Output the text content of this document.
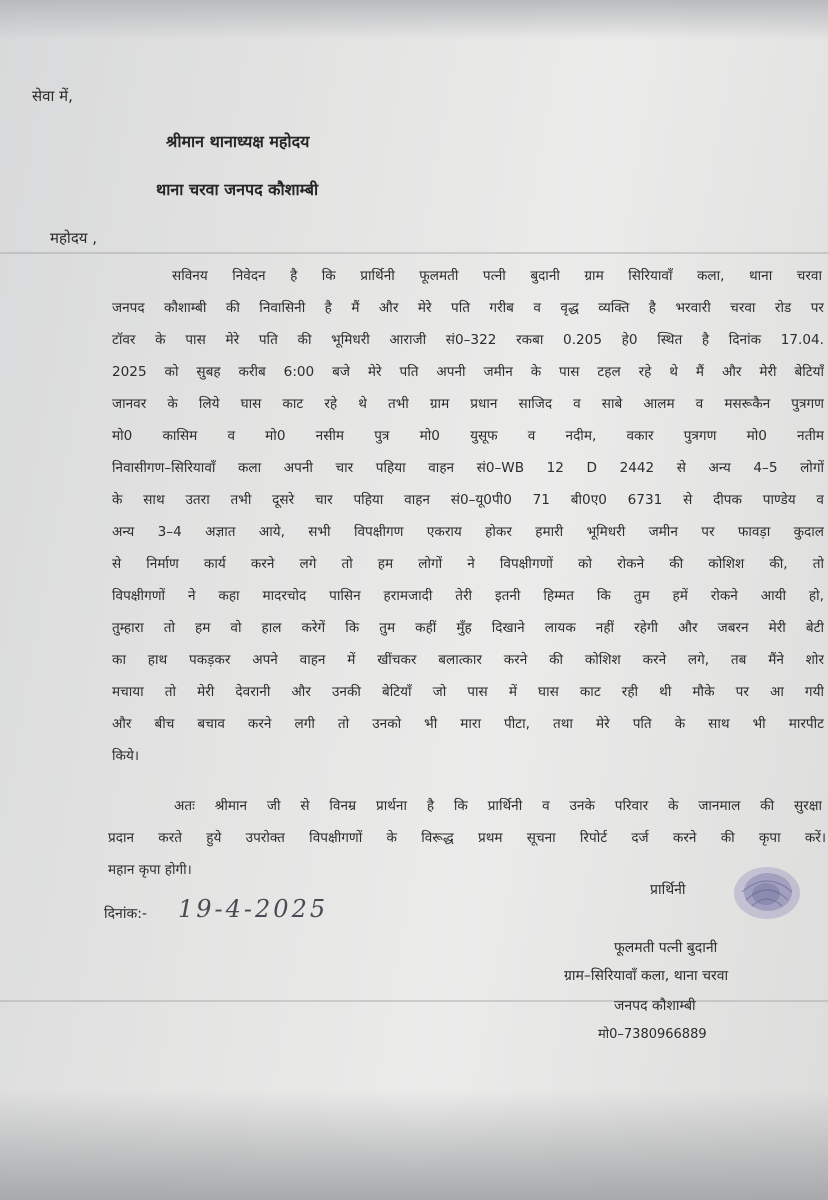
सेवा में,
श्रीमान थानाध्यक्ष महोदय
थाना चरवा जनपद कौशाम्बी
महोदय ,
सविनय निवेदन है कि प्रार्थिनी फूलमती पत्नी बुदानी ग्राम सिरियावाँ कला, थाना चरवा
जनपद कौशाम्बी की निवासिनी है मैं और मेरे पति गरीब व वृद्ध व्यक्ति है भरवारी चरवा रोड पर
टॉवर के पास मेरे पति की भूमिधरी आराजी सं0–322 रकबा 0.205 हे0 स्थित है दिनांक 17.04.
2025 को सुबह करीब 6:00 बजे मेरे पति अपनी जमीन के पास टहल रहे थे मैं और मेरी बेटियाँ
जानवर के लिये घास काट रहे थे तभी ग्राम प्रधान साजिद व साबे आलम व मसरूकैन पुत्रगण
मो0 कासिम व मो0 नसीम पुत्र मो0 युसूफ व नदीम, वकार पुत्रगण मो0 नतीम
निवासीगण–सिरियावाँ कला अपनी चार पहिया वाहन सं0–WB 12 D 2442 से अन्य 4–5 लोगों
के साथ उतरा तभी दूसरे चार पहिया वाहन सं0–यू0पी0 71 बी0ए0 6731 से दीपक पाण्डेय व
अन्य 3–4 अज्ञात आये, सभी विपक्षीगण एकराय होकर हमारी भूमिधरी जमीन पर फावड़ा कुदाल
से निर्माण कार्य करने लगे तो हम लोगों ने विपक्षीगणों को रोकने की कोशिश की, तो
विपक्षीगणों ने कहा मादरचोद पासिन हरामजादी तेरी इतनी हिम्मत कि तुम हमें रोकने आयी हो,
तुम्हारा तो हम वो हाल करेगें कि तुम कहीं मुँह दिखाने लायक नहीं रहेगी और जबरन मेरी बेटी
का हाथ पकड़कर अपने वाहन में खींचकर बलात्कार करने की कोशिश करने लगे, तब मैंने शोर
मचाया तो मेरी देवरानी और उनकी बेटियाँ जो पास में घास काट रही थी मौके पर आ गयी
और बीच बचाव करने लगी तो उनको भी मारा पीटा, तथा मेरे पति के साथ भी मारपीट
किये।
अतः श्रीमान जी से विनम्र प्रार्थना है कि प्रार्थिनी व उनके परिवार के जानमाल की सुरक्षा
प्रदान करते हुये उपरोक्त विपक्षीगणों के विरूद्ध प्रथम सूचना रिपोर्ट दर्ज करने की कृपा करें।
महान कृपा होगी।
दिनांक:- 19-4-2025
प्रार्थिनी
फूलमती पत्नी बुदानी
ग्राम–सिरियावाँ कला, थाना चरवा
जनपद कौशाम्बी
मो0–7380966889
